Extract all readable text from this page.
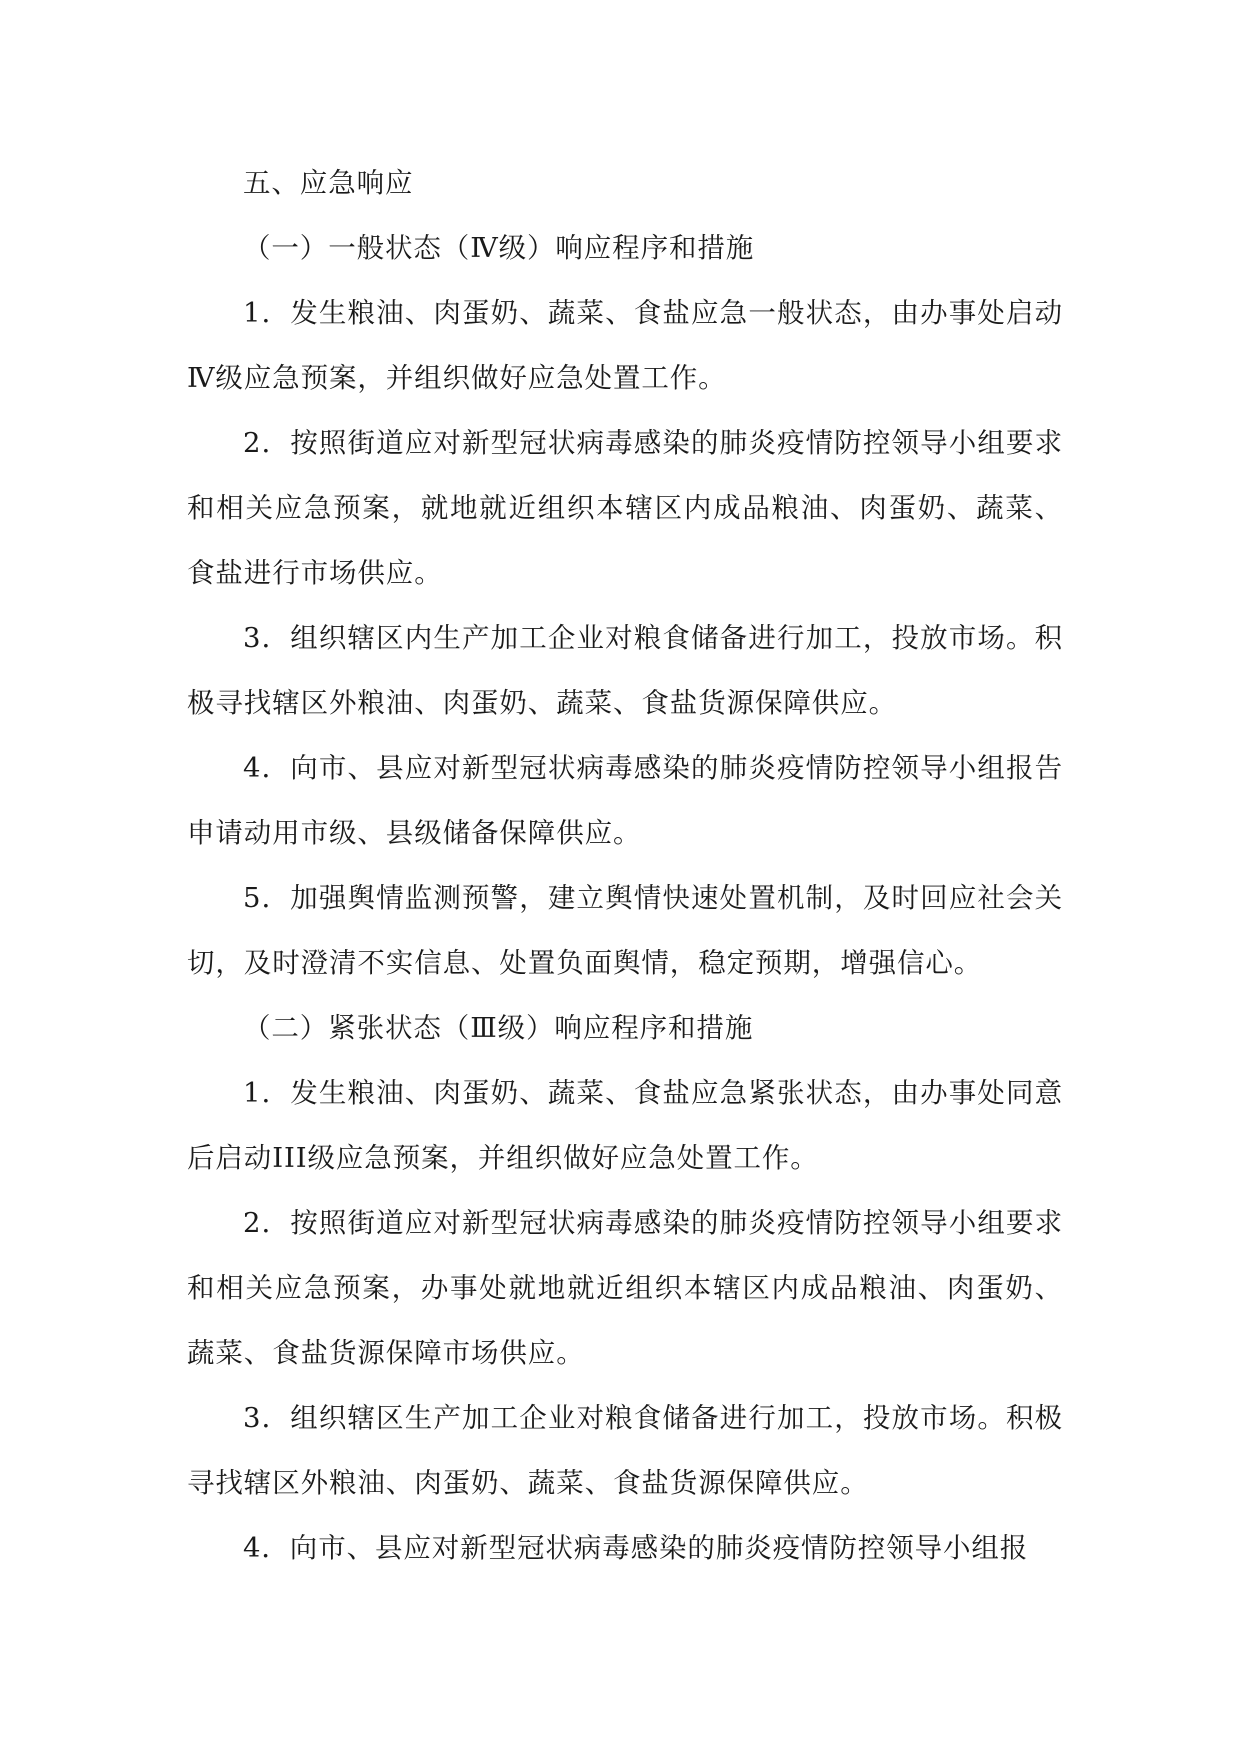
五、应急响应

（一）一般状态（Ⅳ级）响应程序和措施

1．发生粮油、肉蛋奶、蔬菜、食盐应急一般状态，由办事处启动Ⅳ级应急预案，并组织做好应急处置工作。

2．按照街道应对新型冠状病毒感染的肺炎疫情防控领导小组要求和相关应急预案，就地就近组织本辖区内成品粮油、肉蛋奶、蔬菜、食盐进行市场供应。

3．组织辖区内生产加工企业对粮食储备进行加工，投放市场。积极寻找辖区外粮油、肉蛋奶、蔬菜、食盐货源保障供应。

4．向市、县应对新型冠状病毒感染的肺炎疫情防控领导小组报告申请动用市级、县级储备保障供应。

5．加强舆情监测预警，建立舆情快速处置机制，及时回应社会关切，及时澄清不实信息、处置负面舆情，稳定预期，增强信心。

（二）紧张状态（Ⅲ级）响应程序和措施

1．发生粮油、肉蛋奶、蔬菜、食盐应急紧张状态，由办事处同意后启动III级应急预案，并组织做好应急处置工作。

2．按照街道应对新型冠状病毒感染的肺炎疫情防控领导小组要求和相关应急预案，办事处就地就近组织本辖区内成品粮油、肉蛋奶、蔬菜、食盐货源保障市场供应。

3．组织辖区生产加工企业对粮食储备进行加工，投放市场。积极寻找辖区外粮油、肉蛋奶、蔬菜、食盐货源保障供应。

4．向市、县应对新型冠状病毒感染的肺炎疫情防控领导小组报
